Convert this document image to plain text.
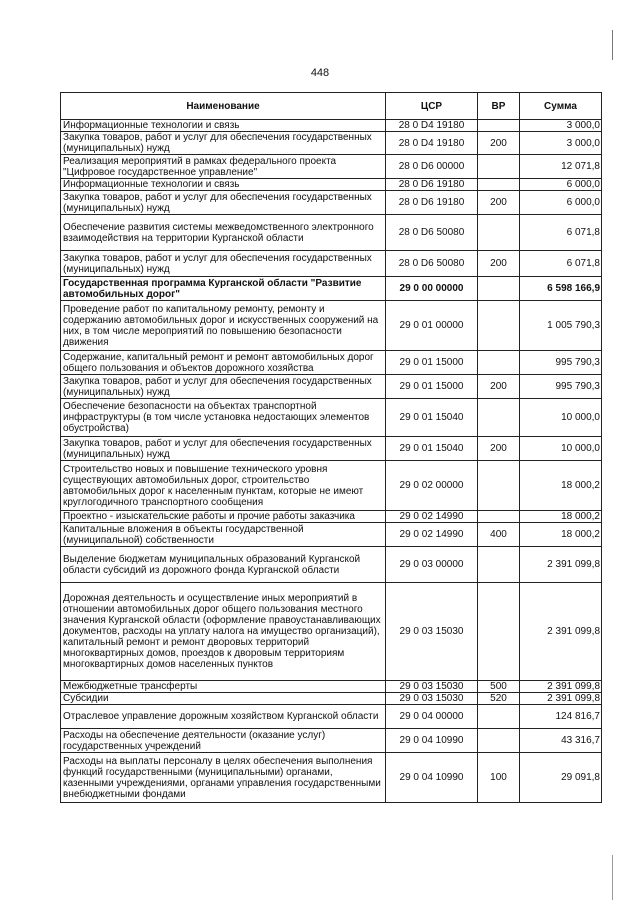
448
Наименование	ЦСР	ВР	Сумма
Информационные технологии и связь	28 0 D4 19180		3 000,0
Закупка товаров, работ и услуг для обеспечения государственных (муниципальных) нужд	28 0 D4 19180	200	3 000,0
Реализация мероприятий в рамках федерального проекта "Цифровое государственное управление"	28 0 D6 00000		12 071,8
Информационные технологии и связь	28 0 D6 19180		6 000,0
Закупка товаров, работ и услуг для обеспечения государственных (муниципальных) нужд	28 0 D6 19180	200	6 000,0
Обеспечение развития системы межведомственного электронного взаимодействия на территории Курганской области	28 0 D6 50080		6 071,8
Закупка товаров, работ и услуг для обеспечения государственных (муниципальных) нужд	28 0 D6 50080	200	6 071,8
Государственная программа Курганской области "Развитие автомобильных дорог"	29 0 00 00000		6 598 166,9
Проведение работ по капитальному ремонту, ремонту и содержанию автомобильных дорог и искусственных сооружений на них, в том числе мероприятий по повышению безопасности движения	29 0 01 00000		1 005 790,3
Содержание, капитальный ремонт и ремонт автомобильных дорог общего пользования и объектов дорожного хозяйства	29 0 01 15000		995 790,3
Закупка товаров, работ и услуг для обеспечения государственных (муниципальных) нужд	29 0 01 15000	200	995 790,3
Обеспечение безопасности на объектах транспортной инфраструктуры (в том числе установка недостающих элементов обустройства)	29 0 01 15040		10 000,0
Закупка товаров, работ и услуг для обеспечения государственных (муниципальных) нужд	29 0 01 15040	200	10 000,0
Строительство новых и повышение технического уровня существующих автомобильных дорог, строительство автомобильных дорог к населенным пунктам, которые не имеют круглогодичного транспортного сообщения	29 0 02 00000		18 000,2
Проектно - изыскательские работы и прочие работы заказчика	29 0 02 14990		18 000,2
Капитальные вложения в объекты государственной (муниципальной) собственности	29 0 02 14990	400	18 000,2
Выделение бюджетам муниципальных образований Курганской области субсидий из дорожного фонда Курганской области	29 0 03 00000		2 391 099,8
Дорожная деятельность и осуществление иных мероприятий в отношении автомобильных дорог общего пользования местного значения Курганской области (оформление правоустанавливающих документов, расходы на уплату налога на имущество организаций), капитальный ремонт и ремонт дворовых территорий многоквартирных домов, проездов к дворовым территориям многоквартирных домов населенных пунктов	29 0 03 15030		2 391 099,8
Межбюджетные трансферты	29 0 03 15030	500	2 391 099,8
Субсидии	29 0 03 15030	520	2 391 099,8
Отраслевое управление дорожным хозяйством Курганской области	29 0 04 00000		124 816,7
Расходы на обеспечение деятельности (оказание услуг) государственных учреждений	29 0 04 10990		43 316,7
Расходы на выплаты персоналу в целях обеспечения выполнения функций государственными (муниципальными) органами, казенными учреждениями, органами управления государственными внебюджетными фондами	29 0 04 10990	100	29 091,8
